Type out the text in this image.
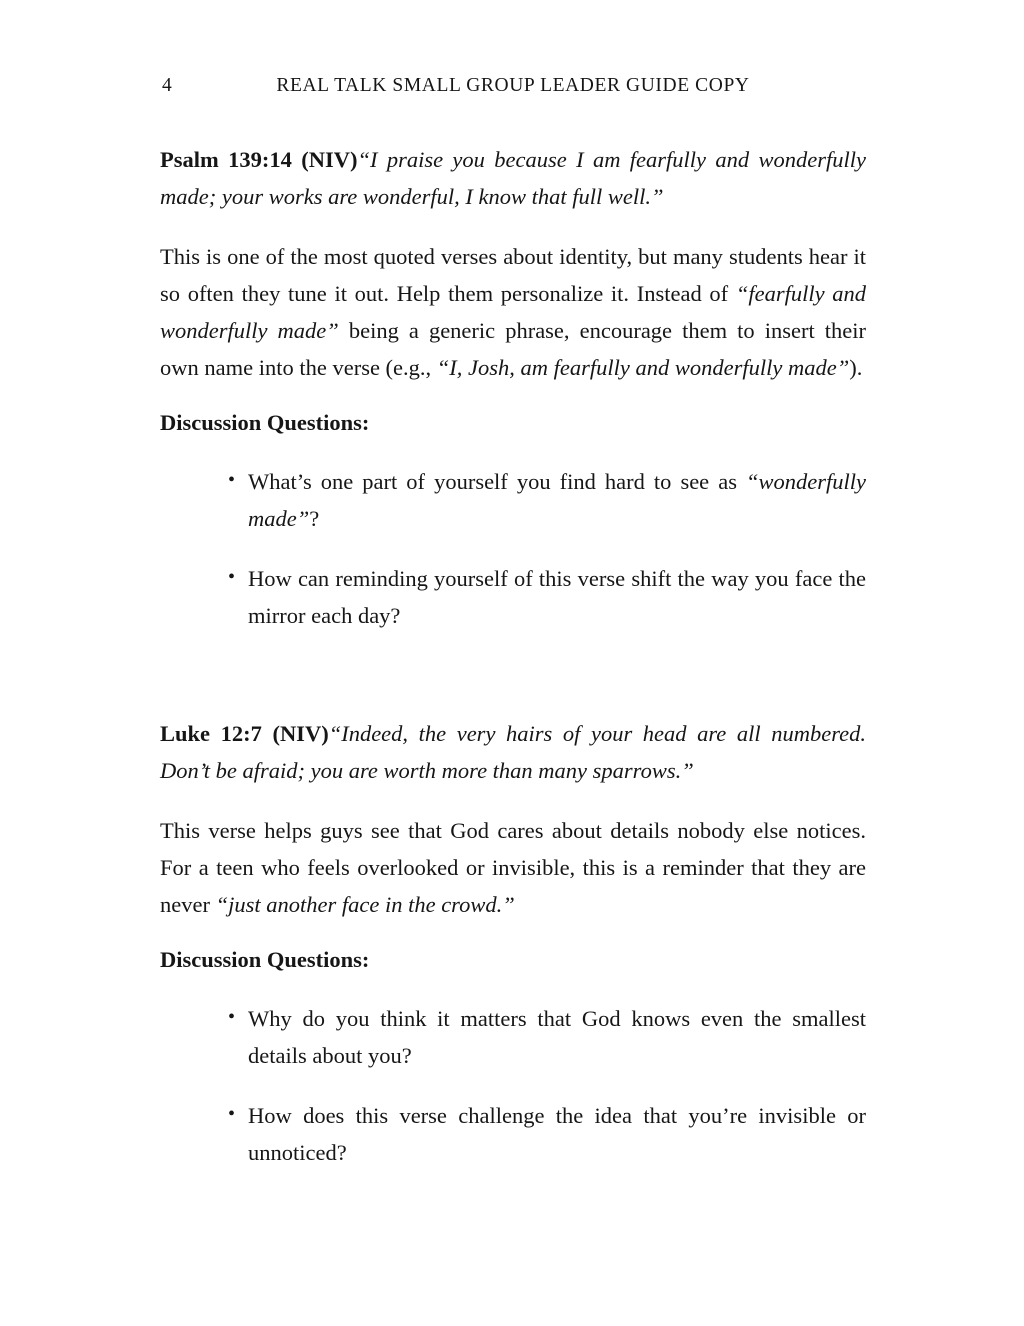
4	REAL TALK SMALL GROUP LEADER GUIDE COPY

Psalm 139:14 (NIV)“I praise you because I am fearfully and wonderfully made; your works are wonderful, I know that full well.”

This is one of the most quoted verses about identity, but many students hear it so often they tune it out. Help them personalize it. Instead of “fearfully and wonderfully made” being a generic phrase, encourage them to insert their own name into the verse (e.g., “I, Josh, am fearfully and wonderfully made”).

Discussion Questions:

• What’s one part of yourself you find hard to see as “wonderfully made”?
• How can reminding yourself of this verse shift the way you face the mirror each day?

Luke 12:7 (NIV)“Indeed, the very hairs of your head are all numbered. Don’t be afraid; you are worth more than many sparrows.”

This verse helps guys see that God cares about details nobody else notices. For a teen who feels overlooked or invisible, this is a reminder that they are never “just another face in the crowd.”

Discussion Questions:

• Why do you think it matters that God knows even the smallest details about you?
• How does this verse challenge the idea that you’re invisible or unnoticed?
